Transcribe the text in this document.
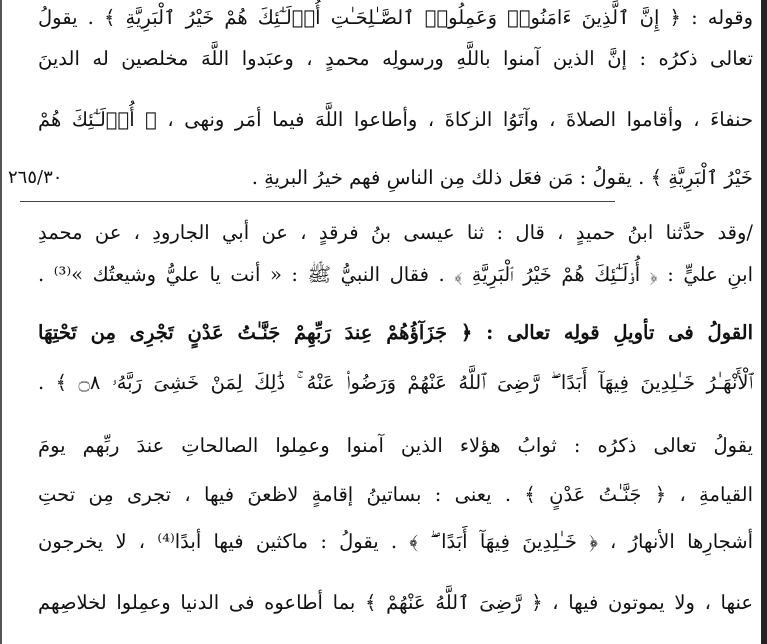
وقوله : ﴿ إِنَّ ٱلَّذِينَ ءَامَنُوا۟ وَعَمِلُوا۟ ٱلصَّـٰلِحَـٰتِ أُو۟لَـٰٓئِكَ هُمْ خَيْرُ ٱلْبَرِيَّةِ ﴾ . يقولُ
تعالى ذكرُه : إنَّ الذين آمنوا باللَّهِ ورسولِه محمدٍ ، وعبَدوا اللَّهَ مخلصين له الدينَ
حنفاءَ ، وأقاموا الصلاةَ ، وآتَوُا الزكاةَ ، وأطاعوا اللَّهَ فيما أمَر ونهى ، ﴿ أُو۟لَـٰٓئِكَ هُمْ
خَيْرُ ٱلْبَرِيَّةِ ﴾ . يقولُ : مَن فعَل ذلك مِن الناسِ فهم خيرُ البريةِ .
٢٦٥/٣٠
/وقد حدَّثنا ابنُ حميدٍ ، قال : ثنا عيسى بنُ فرقدٍ ، عن أبي الجارودِ ، عن محمدِ
ابنِ عليٍّ : ﴿ أُو۟لَـٰٓئِكَ هُمْ خَيْرُ ٱلْبَرِيَّةِ ﴾ . فقال النبيُّ ﷺ : « أنت يا عليُّ وشيعتُك »⁽³⁾ .
القولُ فى تأويلِ قولِه تعالى : ﴿ جَزَآؤُهُمْ عِندَ رَبِّهِمْ جَنَّـٰتُ عَدْنٍ تَجْرِى مِن تَحْتِهَا
ٱلْأَنْهَـٰرُ خَـٰلِدِينَ فِيهَآ أَبَدًا ۖ رَّضِىَ ٱللَّهُ عَنْهُمْ وَرَضُوا۟ عَنْهُ ۚ ذَٰلِكَ لِمَنْ خَشِىَ رَبَّهُۥ ۝٨ ﴾ .
يقولُ تعالى ذكرُه : ثوابُ هؤلاء الذين آمنوا وعمِلوا الصالحاتِ عندَ ربِّهم يومَ
القيامةِ ، ﴿ جَنَّـٰتُ عَدْنٍ ﴾ . يعنى : بساتينُ إقامةٍ لاظعنَ فيها ، تجرى مِن تحتِ
أشجارِها الأنهارُ ، ﴿ خَـٰلِدِينَ فِيهَآ أَبَدًا ۖ ﴾ . يقولُ : ماكثين فيها أبدًا⁽⁴⁾ ، لا يخرجون
عنها ، ولا يموتون فيها ، ﴿ رَّضِىَ ٱللَّهُ عَنْهُمْ ﴾ بما أطاعوه فى الدنيا وعمِلوا لخلاصِهم
